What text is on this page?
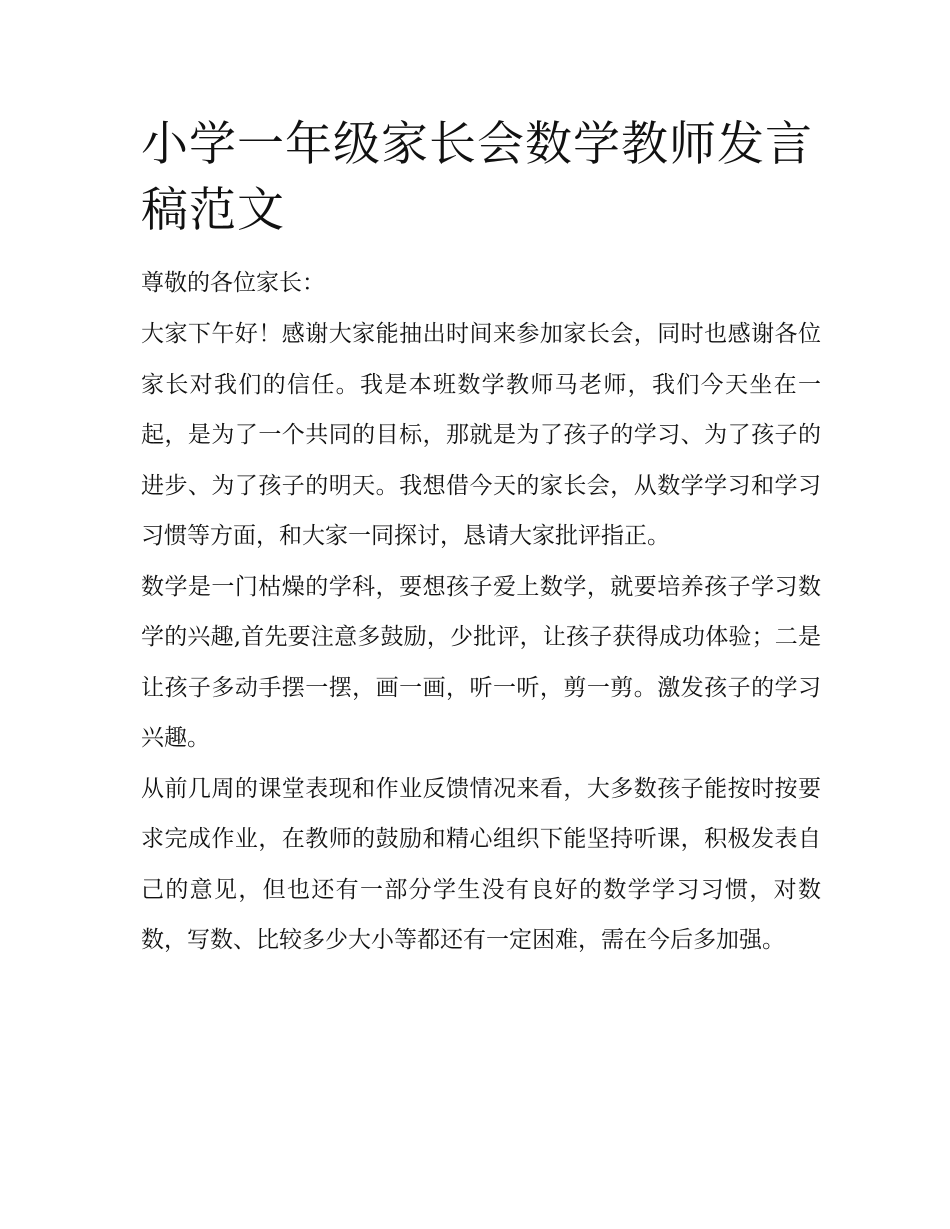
小学一年级家长会数学教师发言稿范文

尊敬的各位家长：

大家下午好！感谢大家能抽出时间来参加家长会，同时也感谢各位家长对我们的信任。我是本班数学教师马老师，我们今天坐在一起，是为了一个共同的目标，那就是为了孩子的学习、为了孩子的进步、为了孩子的明天。我想借今天的家长会，从数学学习和学习习惯等方面，和大家一同探讨，恳请大家批评指正。

数学是一门枯燥的学科，要想孩子爱上数学，就要培养孩子学习数学的兴趣,首先要注意多鼓励，少批评，让孩子获得成功体验；二是让孩子多动手摆一摆，画一画，听一听，剪一剪。激发孩子的学习兴趣。

从前几周的课堂表现和作业反馈情况来看，大多数孩子能按时按要求完成作业，在教师的鼓励和精心组织下能坚持听课，积极发表自己的意见，但也还有一部分学生没有良好的数学学习习惯，对数数，写数、比较多少大小等都还有一定困难，需在今后多加强。
